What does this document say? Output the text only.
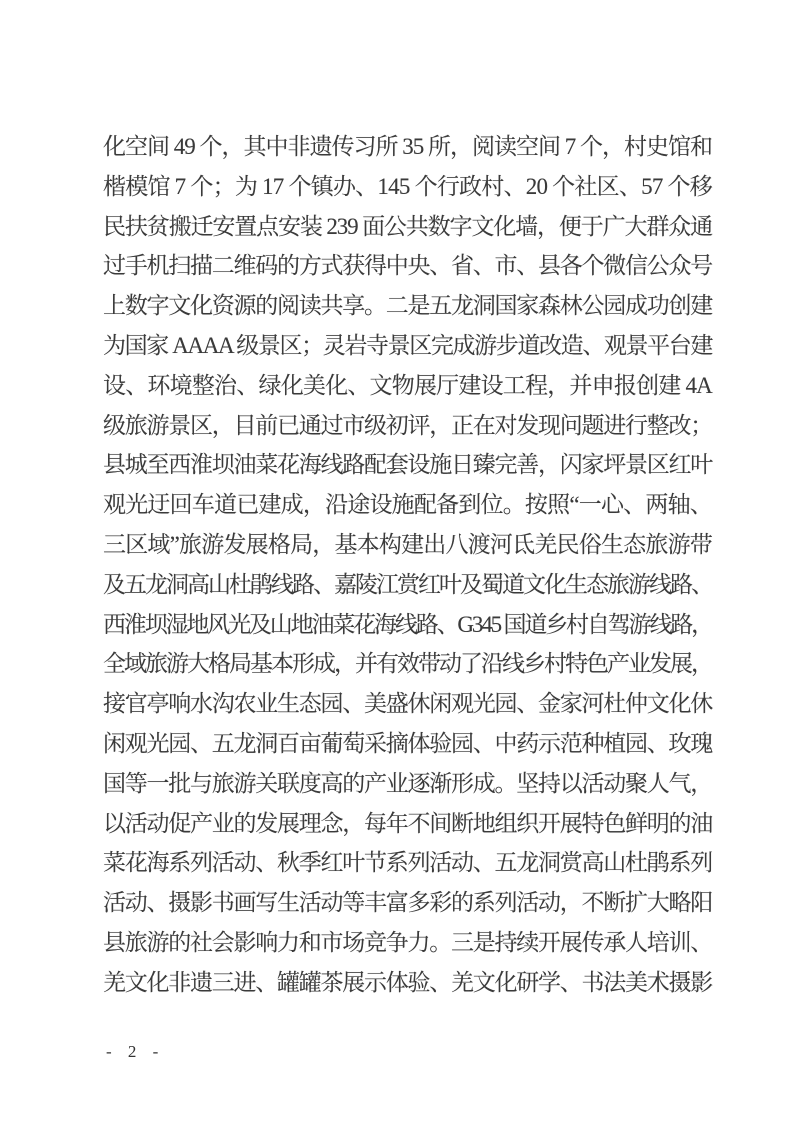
化空间 49 个，其中非遗传习所 35 所，阅读空间 7 个，村史馆和
楷模馆 7 个；为 17 个镇办、145 个行政村、20 个社区、57 个移
民扶贫搬迁安置点安装 239 面公共数字文化墙，便于广大群众通
过手机扫描二维码的方式获得中央、省、市、县各个微信公众号
上数字文化资源的阅读共享。二是五龙洞国家森林公园成功创建
为国家 AAAA 级景区；灵岩寺景区完成游步道改造、观景平台建
设、环境整治、绿化美化、文物展厅建设工程，并申报创建 4A
级旅游景区，目前已通过市级初评，正在对发现问题进行整改；
县城至西淮坝油菜花海线路配套设施日臻完善，闪家坪景区红叶
观光迂回车道已建成，沿途设施配备到位。按照“一心、两轴、
三区域”旅游发展格局，基本构建出八渡河氐羌民俗生态旅游带
及五龙洞高山杜鹃线路、嘉陵江赏红叶及蜀道文化生态旅游线路、
西淮坝湿地风光及山地油菜花海线路、G345 国道乡村自驾游线路，
全域旅游大格局基本形成，并有效带动了沿线乡村特色产业发展，
接官亭响水沟农业生态园、美盛休闲观光园、金家河杜仲文化休
闲观光园、五龙洞百亩葡萄采摘体验园、中药示范种植园、玫瑰
国等一批与旅游关联度高的产业逐渐形成。坚持以活动聚人气，
以活动促产业的发展理念，每年不间断地组织开展特色鲜明的油
菜花海系列活动、秋季红叶节系列活动、五龙洞赏高山杜鹃系列
活动、摄影书画写生活动等丰富多彩的系列活动，不断扩大略阳
县旅游的社会影响力和市场竞争力。三是持续开展传承人培训、
羌文化非遗三进、罐罐茶展示体验、羌文化研学、书法美术摄影
- 2 -
